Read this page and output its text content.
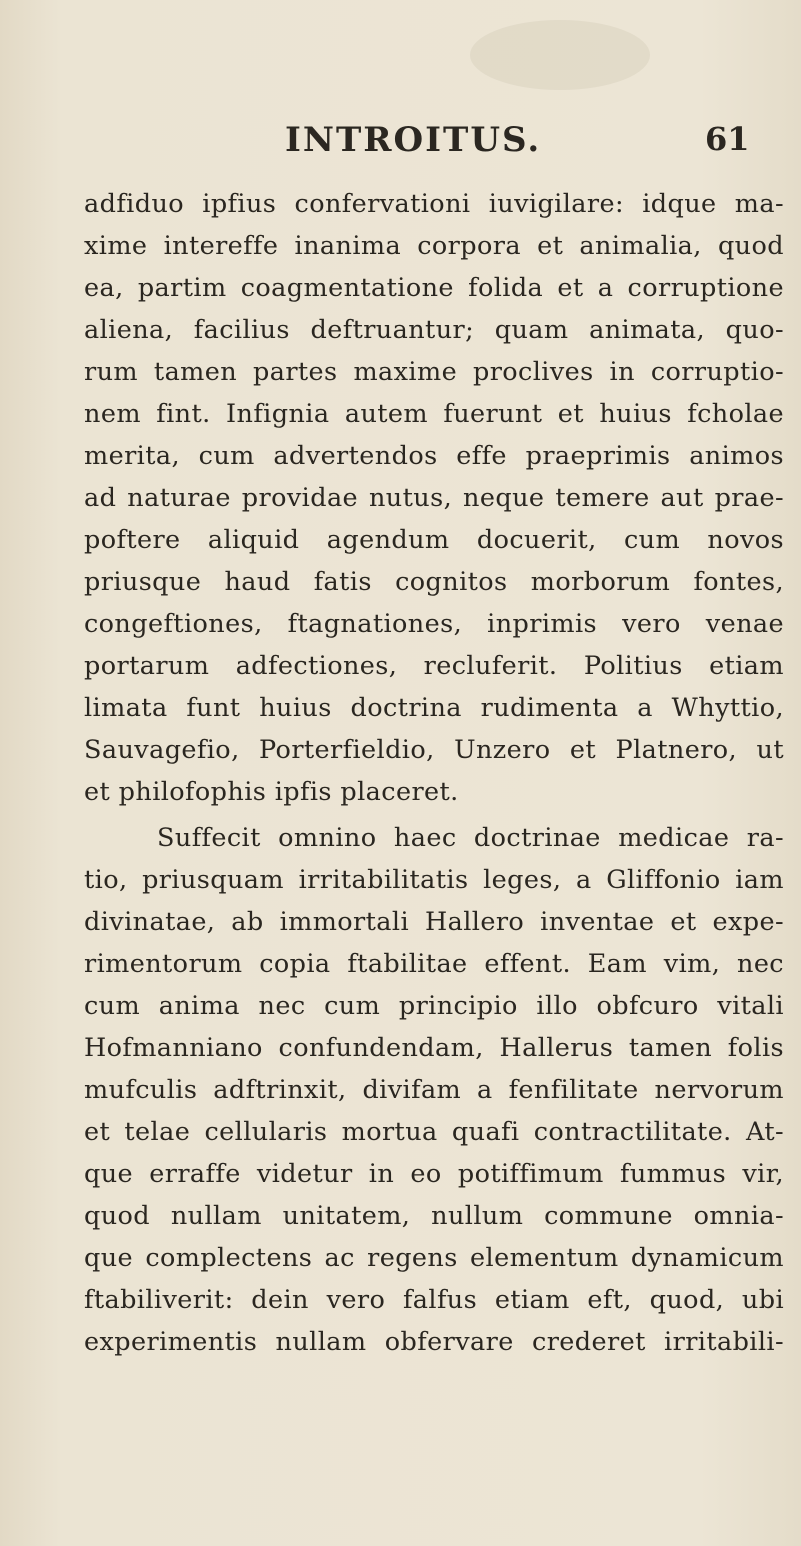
INTROITUS.	61
adfiduo ipfius confervationi iuvigilare: idque ma-
xime intereffe inanima corpora et animalia, quod
ea, partim coagmentatione folida et a corruptione
aliena, facilius deftruantur; quam animata, quo-
rum tamen partes maxime proclives in corruptio-
nem fint. Infignia autem fuerunt et huius fcholae
merita, cum advertendos effe praeprimis animos
ad naturae providae nutus, neque temere aut prae-
poftere aliquid agendum docuerit, cum novos
priusque haud fatis cognitos morborum fontes,
congeftiones, ftagnationes, inprimis vero venae
portarum adfectiones, recluferit. Politius etiam
limata funt huius doctrina rudimenta a Whyttio,
Sauvagefio, Porterfieldio, Unzero et Platnero, ut
et philofophis ipfis placeret.
Suffecit omnino haec doctrinae medicae ra-
tio, priusquam irritabilitatis leges, a Gliffonio iam
divinatae, ab immortali Hallero inventae et expe-
rimentorum copia ftabilitae effent. Eam vim, nec
cum anima nec cum principio illo obfcuro vitali
Hofmanniano confundendam, Hallerus tamen folis
mufculis adftrinxit, divifam a fenfilitate nervorum
et telae cellularis mortua quafi contractilitate. At-
que erraffe videtur in eo potiffimum fummus vir,
quod nullam unitatem, nullum commune omnia-
que complectens ac regens elementum dynamicum
ftabiliverit: dein vero falfus etiam eft, quod, ubi
experimentis nullam obfervare crederet irritabili-
